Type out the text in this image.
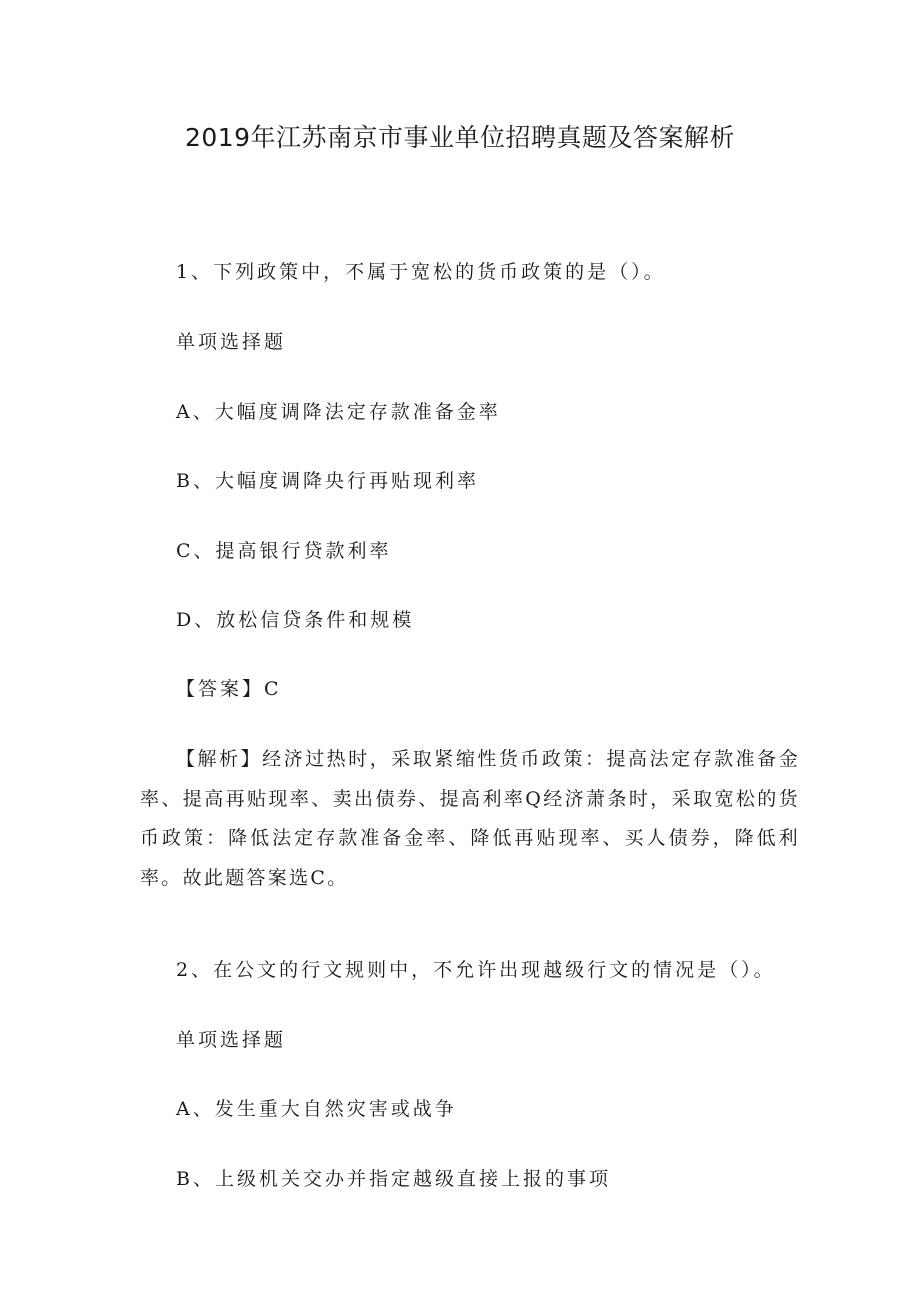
2019年江苏南京市事业单位招聘真题及答案解析

1、下列政策中，不属于宽松的货币政策的是（）。

单项选择题

A、大幅度调降法定存款准备金率

B、大幅度调降央行再贴现利率

C、提高银行贷款利率

D、放松信贷条件和规模

【答案】C

【解析】经济过热时，采取紧缩性货币政策：提高法定存款准备金率、提高再贴现率、卖出债券、提高利率Q经济萧条时，采取宽松的货币政策：降低法定存款准备金率、降低再贴现率、买人债券，降低利率。故此题答案选C。

2、在公文的行文规则中，不允许出现越级行文的情况是（）。

单项选择题

A、发生重大自然灾害或战争

B、上级机关交办并指定越级直接上报的事项
